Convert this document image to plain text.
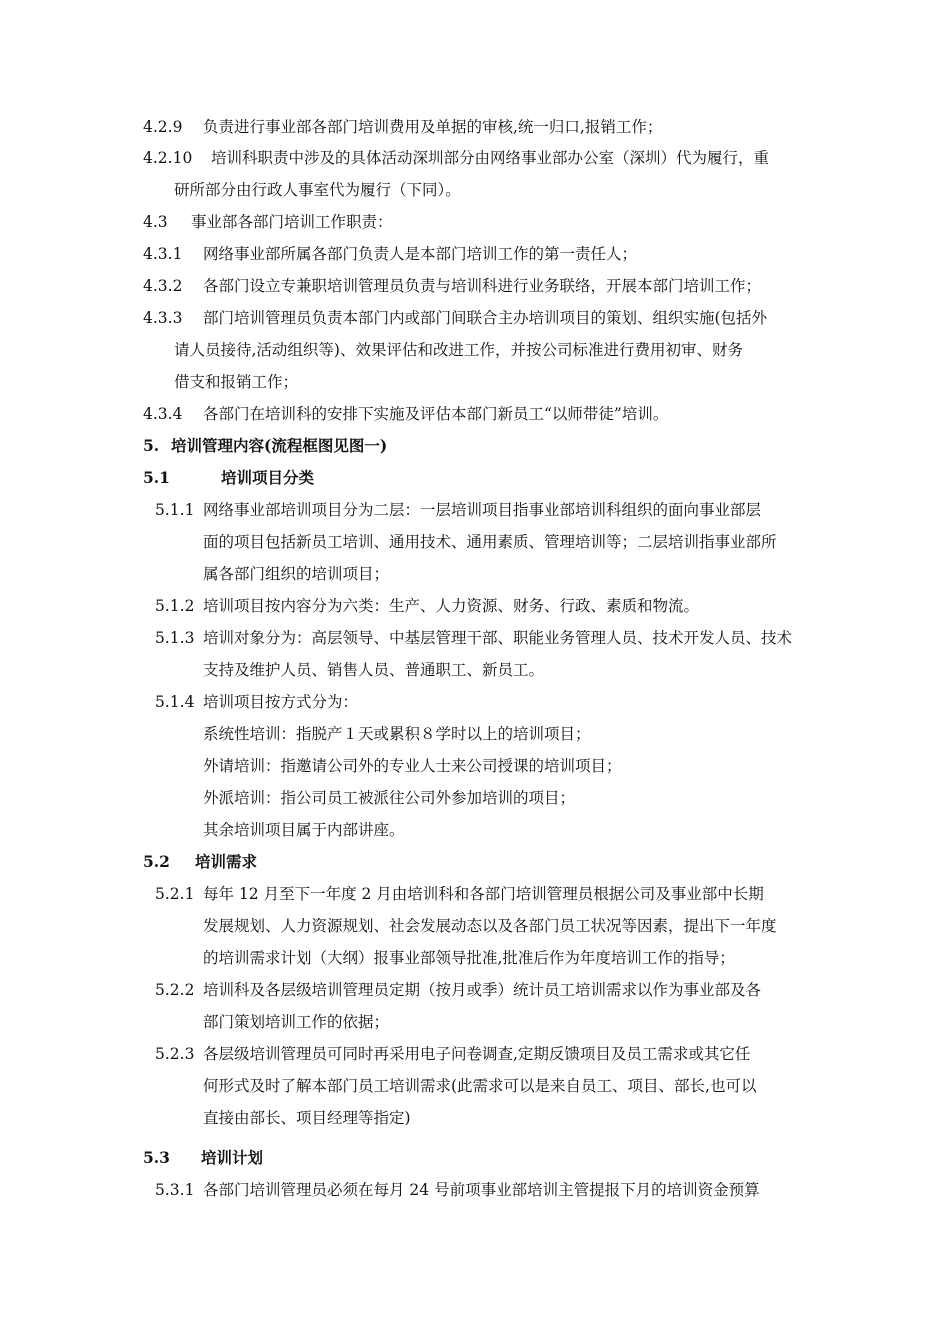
4.2.9 负责进行事业部各部门培训费用及单据的审核,统一归口,报销工作；
4.2.10 培训科职责中涉及的具体活动深圳部分由网络事业部办公室（深圳）代为履行，重
研所部分由行政人事室代为履行（下同）。
4.3 事业部各部门培训工作职责：
4.3.1 网络事业部所属各部门负责人是本部门培训工作的第一责任人；
4.3.2 各部门设立专兼职培训管理员负责与培训科进行业务联络，开展本部门培训工作；
4.3.3 部门培训管理员负责本部门内或部门间联合主办培训项目的策划、组织实施(包括外
请人员接待,活动组织等)、效果评估和改进工作，并按公司标准进行费用初审、财务
借支和报销工作；
4.3.4 各部门在培训科的安排下实施及评估本部门新员工“以师带徒”培训。
5. 培训管理内容(流程框图见图一)
5.1	培训项目分类
5.1.1 网络事业部培训项目分为二层：一层培训项目指事业部培训科组织的面向事业部层
面的项目包括新员工培训、通用技术、通用素质、管理培训等；二层培训指事业部所
属各部门组织的培训项目；
5.1.2 培训项目按内容分为六类：生产、人力资源、财务、行政、素质和物流。
5.1.3 培训对象分为：高层领导、中基层管理干部、职能业务管理人员、技术开发人员、技术
支持及维护人员、销售人员、普通职工、新员工。
5.1.4 培训项目按方式分为：
系统性培训：指脱产１天或累积８学时以上的培训项目；
外请培训：指邀请公司外的专业人士来公司授课的培训项目；
外派培训：指公司员工被派往公司外参加培训的项目；
其余培训项目属于内部讲座。
5.2 培训需求
5.2.1 每年 12 月至下一年度 2 月由培训科和各部门培训管理员根据公司及事业部中长期
发展规划、人力资源规划、社会发展动态以及各部门员工状况等因素，提出下一年度
的培训需求计划（大纲）报事业部领导批准,批准后作为年度培训工作的指导；
5.2.2 培训科及各层级培训管理员定期（按月或季）统计员工培训需求以作为事业部及各
部门策划培训工作的依据；
5.2.3 各层级培训管理员可同时再采用电子问卷调查,定期反馈项目及员工需求或其它任
何形式及时了解本部门员工培训需求(此需求可以是来自员工、项目、部长,也可以
直接由部长、项目经理等指定)
5.3 培训计划
5.3.1 各部门培训管理员必须在每月 24 号前项事业部培训主管提报下月的培训资金预算
